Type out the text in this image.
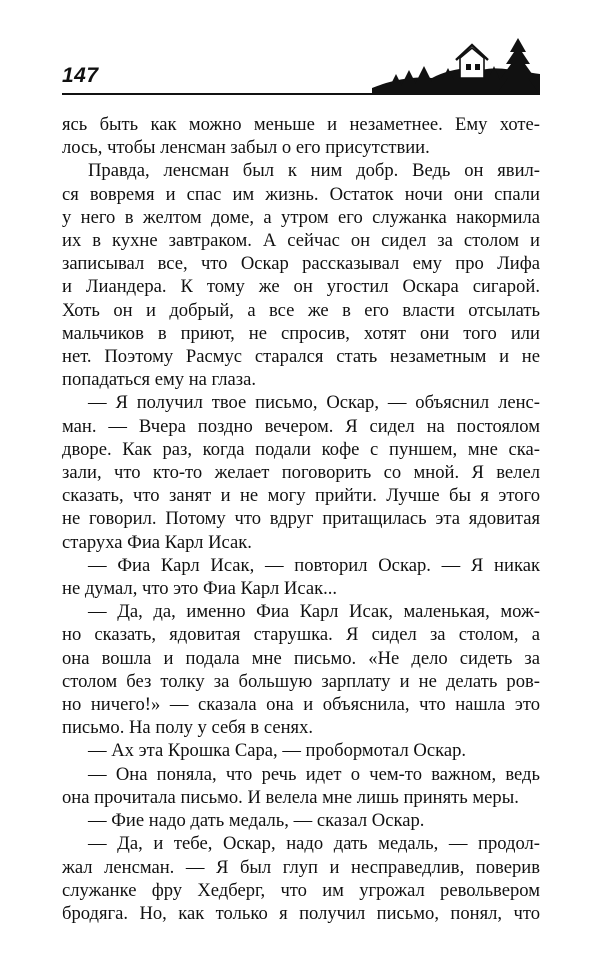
147

ясь быть как можно меньше и незаметнее. Ему хоте-

лось, чтобы ленсман забыл о его присутствии.

Правда, ленсман был к ним добр. Ведь он явил-

ся вовремя и спас им жизнь. Остаток ночи они спали

у него в желтом доме, а утром его служанка накормила

их в кухне завтраком. А сейчас он сидел за столом и

записывал все, что Оскар рассказывал ему про Лифа

и Лиандера. К тому же он угостил Оскара сигарой.

Хоть он и добрый, а все же в его власти отсылать

мальчиков в приют, не спросив, хотят они того или

нет. Поэтому Расмус старался стать незаметным и не

попадаться ему на глаза.

— Я получил твое письмо, Оскар, — объяснил ленс-

ман. — Вчера поздно вечером. Я сидел на постоялом

дворе. Как раз, когда подали кофе с пуншем, мне ска-

зали, что кто-то желает поговорить со мной. Я велел

сказать, что занят и не могу прийти. Лучше бы я этого

не говорил. Потому что вдруг притащилась эта ядовитая

старуха Фиа Карл Исак.

— Фиа Карл Исак, — повторил Оскар. — Я никак

не думал, что это Фиа Карл Исак...

— Да, да, именно Фиа Карл Исак, маленькая, мож-

но сказать, ядовитая старушка. Я сидел за столом, а

она вошла и подала мне письмо. «Не дело сидеть за

столом без толку за большую зарплату и не делать ров-

но ничего!» — сказала она и объяснила, что нашла это

письмо. На полу у себя в сенях.

— Ах эта Крошка Сара, — пробормотал Оскар.

— Она поняла, что речь идет о чем-то важном, ведь

она прочитала письмо. И велела мне лишь принять меры.

— Фие надо дать медаль, — сказал Оскар.

— Да, и тебе, Оскар, надо дать медаль, — продол-

жал ленсман. — Я был глуп и несправедлив, поверив

служанке фру Хедберг, что им угрожал револьвером

бродяга. Но, как только я получил письмо, понял, что
